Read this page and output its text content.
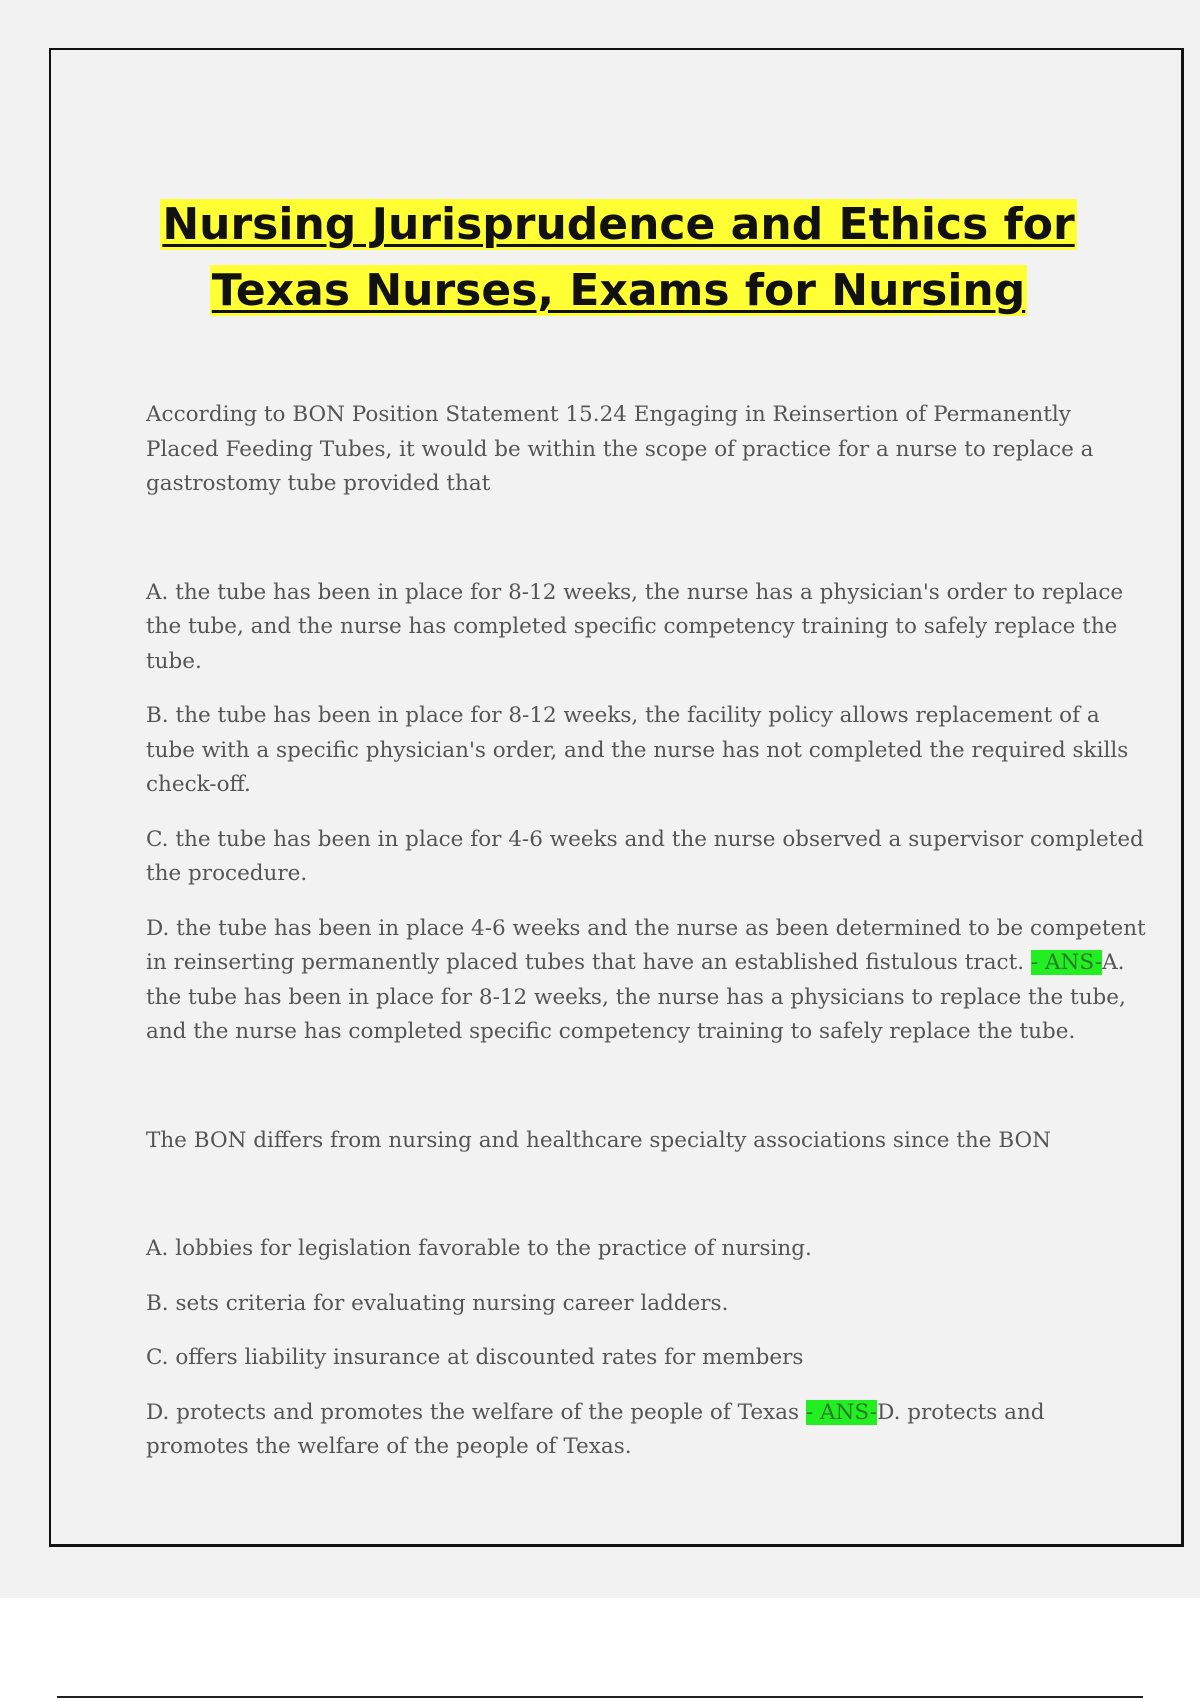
Nursing Jurisprudence and Ethics for
Texas Nurses, Exams for Nursing

According to BON Position Statement 15.24 Engaging in Reinsertion of Permanently Placed Feeding Tubes, it would be within the scope of practice for a nurse to replace a gastrostomy tube provided that

A. the tube has been in place for 8-12 weeks, the nurse has a physician's order to replace the tube, and the nurse has completed specific competency training to safely replace the tube.

B. the tube has been in place for 8-12 weeks, the facility policy allows replacement of a tube with a specific physician's order, and the nurse has not completed the required skills check-off.

C. the tube has been in place for 4-6 weeks and the nurse observed a supervisor completed the procedure.

D. the tube has been in place 4-6 weeks and the nurse as been determined to be competent in reinserting permanently placed tubes that have an established fistulous tract. - ANS-A. the tube has been in place for 8-12 weeks, the nurse has a physicians to replace the tube, and the nurse has completed specific competency training to safely replace the tube.

The BON differs from nursing and healthcare specialty associations since the BON

A. lobbies for legislation favorable to the practice of nursing.

B. sets criteria for evaluating nursing career ladders.

C. offers liability insurance at discounted rates for members

D. protects and promotes the welfare of the people of Texas - ANS-D. protects and promotes the welfare of the people of Texas.
